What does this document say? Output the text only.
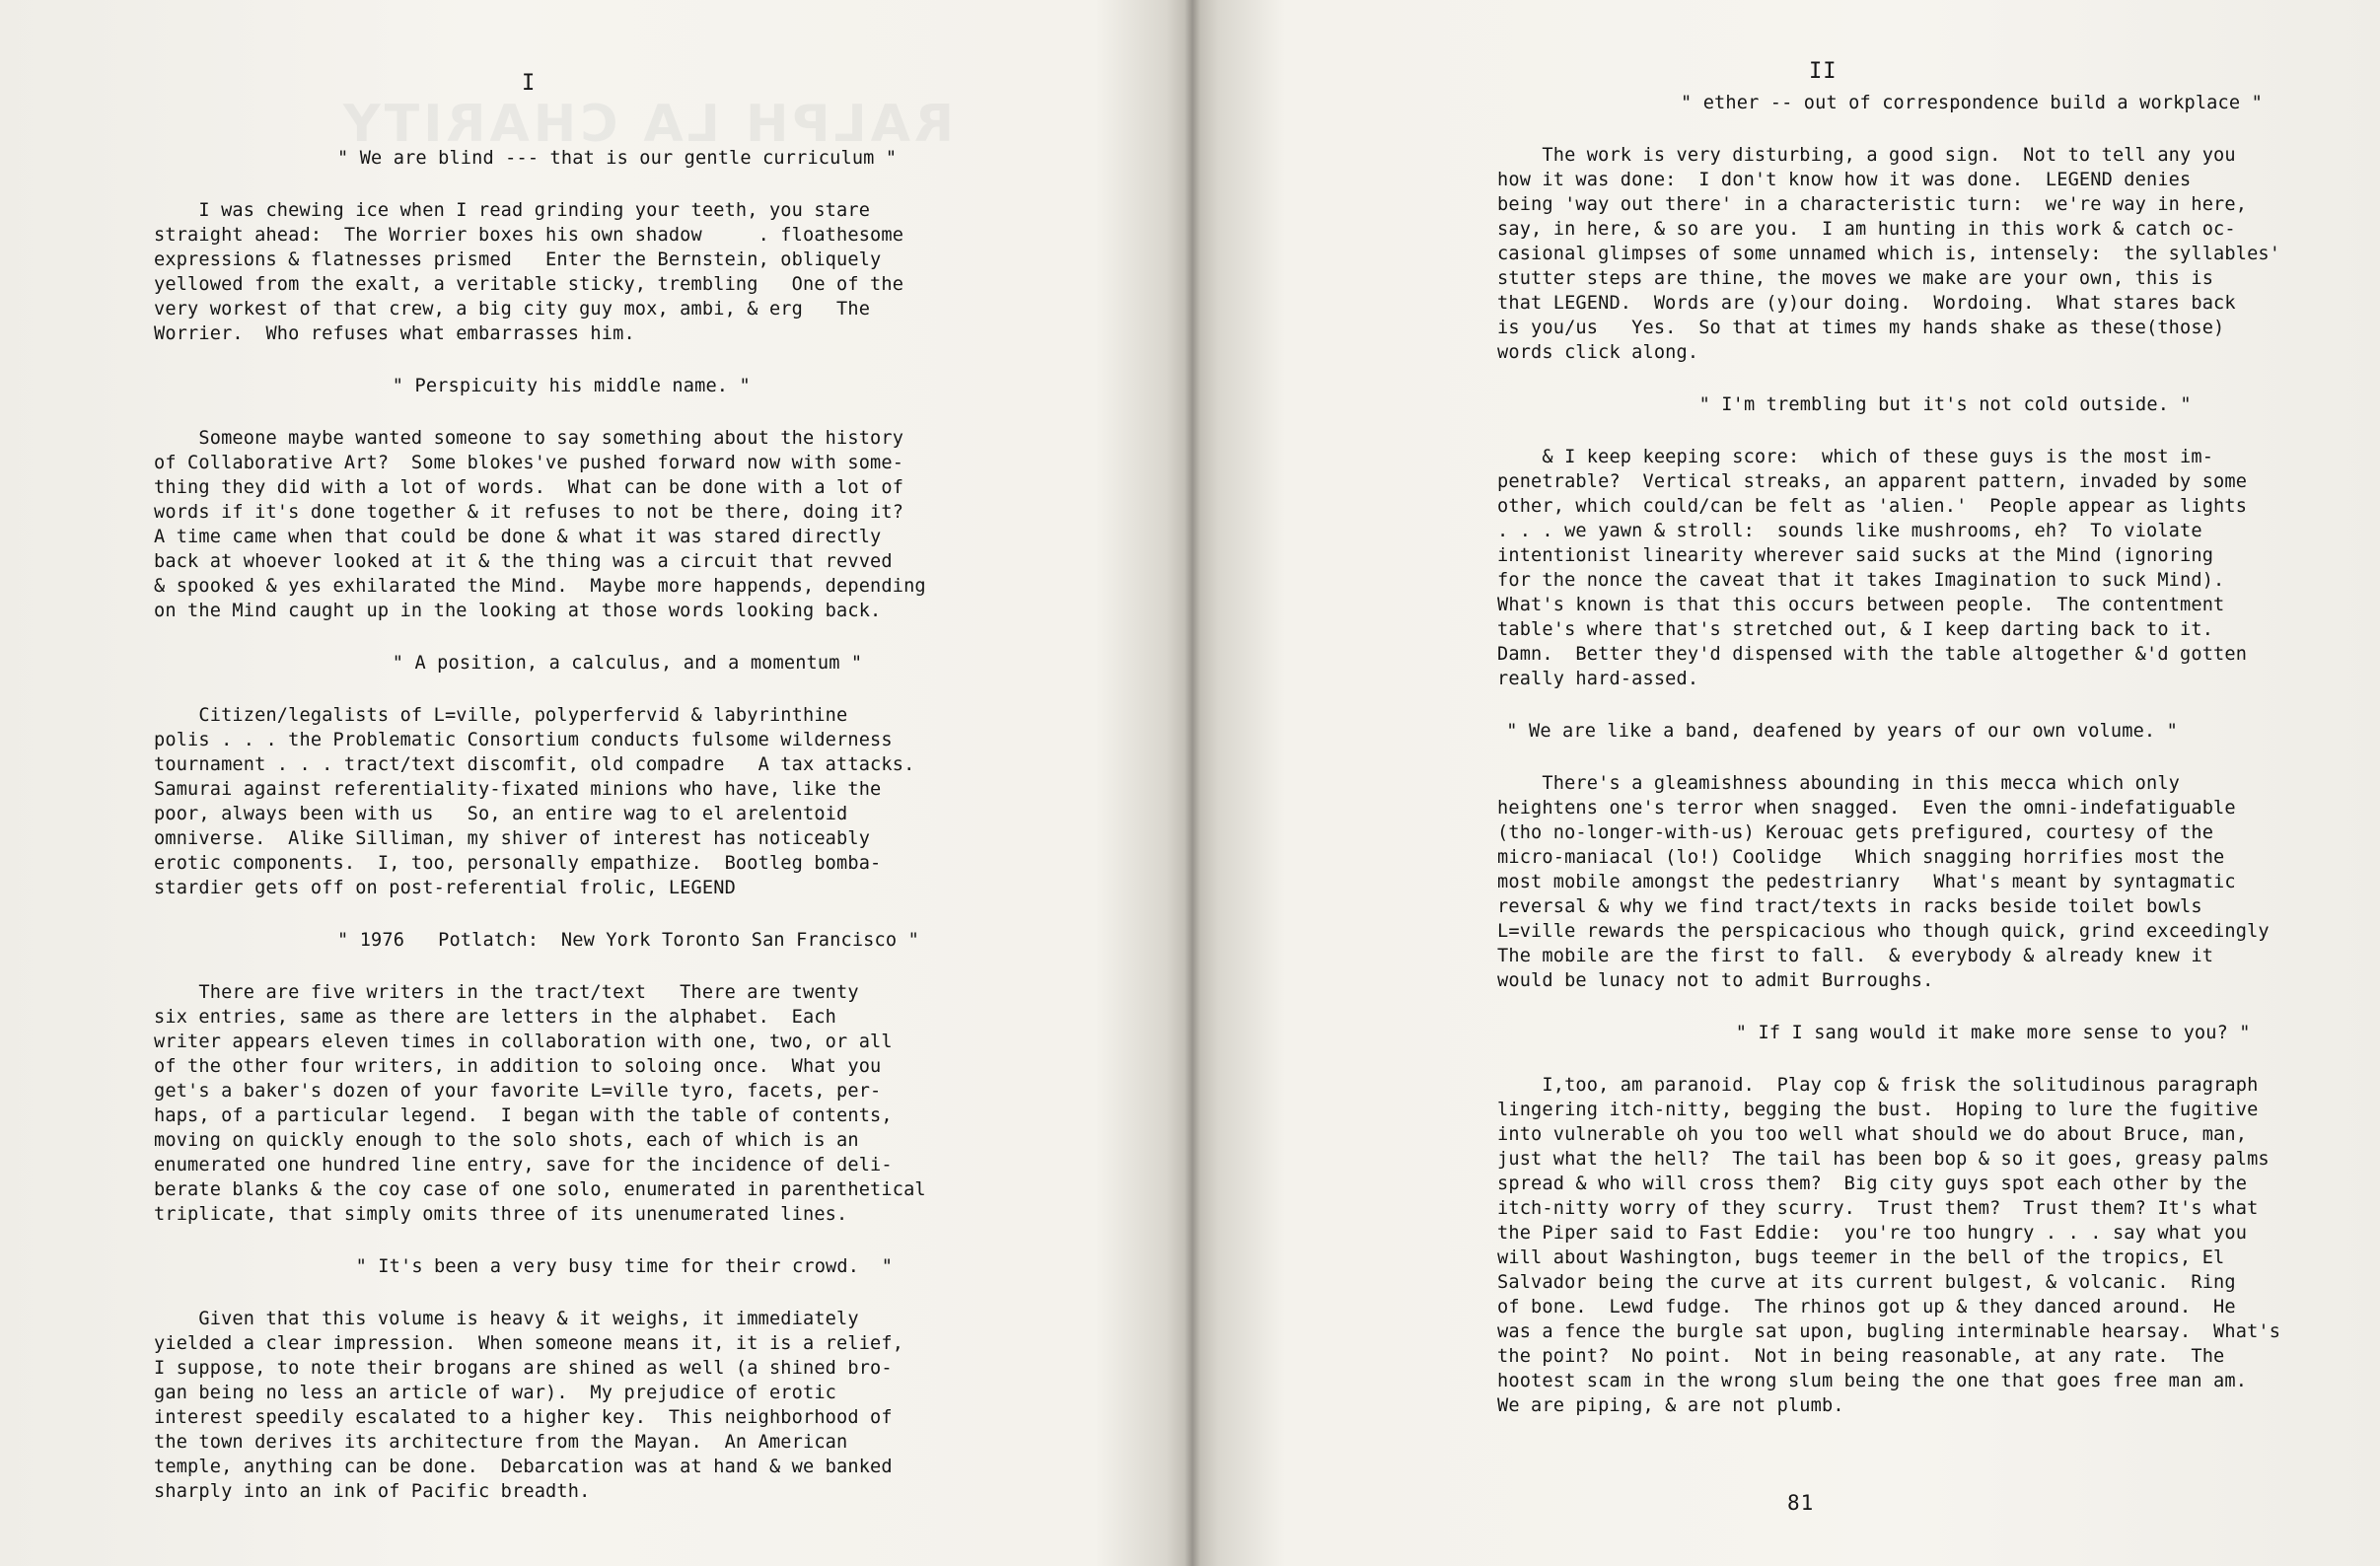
RALPH LA CHARITY
I
" We are blind --- that is our gentle curriculum "
I was chewing ice when I read grinding your teeth, you stare
straight ahead:  The Worrier boxes his own shadow     . floathesome
expressions & flatnesses prismed   Enter the Bernstein, obliquely
yellowed from the exalt, a veritable sticky, trembling   One of the
very workest of that crew, a big city guy mox, ambi, & erg   The
Worrier.  Who refuses what embarrasses him.
" Perspicuity his middle name. "
Someone maybe wanted someone to say something about the history
of Collaborative Art?  Some blokes've pushed forward now with some-
thing they did with a lot of words.  What can be done with a lot of
words if it's done together & it refuses to not be there, doing it?
A time came when that could be done & what it was stared directly
back at whoever looked at it & the thing was a circuit that revved
& spooked & yes exhilarated the Mind.  Maybe more happends, depending
on the Mind caught up in the looking at those words looking back.
" A position, a calculus, and a momentum "
Citizen/legalists of L=ville, polyperfervid & labyrinthine
polis . . . the Problematic Consortium conducts fulsome wilderness
tournament . . . tract/text discomfit, old compadre   A tax attacks.
Samurai against referentiality-fixated minions who have, like the
poor, always been with us   So, an entire wag to el arelentoid
omniverse.  Alike Silliman, my shiver of interest has noticeably
erotic components.  I, too, personally empathize.  Bootleg bomba-
stardier gets off on post-referential frolic, LEGEND
" 1976   Potlatch:  New York Toronto San Francisco "
There are five writers in the tract/text   There are twenty
six entries, same as there are letters in the alphabet.  Each
writer appears eleven times in collaboration with one, two, or all
of the other four writers, in addition to soloing once.  What you
get's a baker's dozen of your favorite L=ville tyro, facets, per-
haps, of a particular legend.  I began with the table of contents,
moving on quickly enough to the solo shots, each of which is an
enumerated one hundred line entry, save for the incidence of deli-
berate blanks & the coy case of one solo, enumerated in parenthetical
triplicate, that simply omits three of its unenumerated lines.
" It's been a very busy time for their crowd.  "
Given that this volume is heavy & it weighs, it immediately
yielded a clear impression.  When someone means it, it is a relief,
I suppose, to note their brogans are shined as well (a shined bro-
gan being no less an article of war).  My prejudice of erotic
interest speedily escalated to a higher key.  This neighborhood of
the town derives its architecture from the Mayan.  An American
temple, anything can be done.  Debarcation was at hand & we banked
sharply into an ink of Pacific breadth.
II
" ether -- out of correspondence build a workplace "
The work is very disturbing, a good sign.  Not to tell any you
how it was done:  I don't know how it was done.  LEGEND denies
being 'way out there' in a characteristic turn:  we're way in here,
say, in here, & so are you.  I am hunting in this work & catch oc-
casional glimpses of some unnamed which is, intensely:  the syllables'
stutter steps are thine, the moves we make are your own, this is
that LEGEND.  Words are (y)our doing.  Wordoing.  What stares back
is you/us   Yes.  So that at times my hands shake as these(those)
words click along.
" I'm trembling but it's not cold outside. "
& I keep keeping score:  which of these guys is the most im-
penetrable?  Vertical streaks, an apparent pattern, invaded by some
other, which could/can be felt as 'alien.'  People appear as lights
. . . we yawn & stroll:  sounds like mushrooms, eh?  To violate
intentionist linearity wherever said sucks at the Mind (ignoring
for the nonce the caveat that it takes Imagination to suck Mind).
What's known is that this occurs between people.  The contentment
table's where that's stretched out, & I keep darting back to it.
Damn.  Better they'd dispensed with the table altogether &'d gotten
really hard-assed.
" We are like a band, deafened by years of our own volume. "
There's a gleamishness abounding in this mecca which only
heightens one's terror when snagged.  Even the omni-indefatiguable
(tho no-longer-with-us) Kerouac gets prefigured, courtesy of the
micro-maniacal (lo!) Coolidge   Which snagging horrifies most the
most mobile amongst the pedestrianry   What's meant by syntagmatic
reversal & why we find tract/texts in racks beside toilet bowls
L=ville rewards the perspicacious who though quick, grind exceedingly
The mobile are the first to fall.  & everybody & already knew it
would be lunacy not to admit Burroughs.
" If I sang would it make more sense to you? "
I,too, am paranoid.  Play cop & frisk the solitudinous paragraph
lingering itch-nitty, begging the bust.  Hoping to lure the fugitive
into vulnerable oh you too well what should we do about Bruce, man,
just what the hell?  The tail has been bop & so it goes, greasy palms
spread & who will cross them?  Big city guys spot each other by the
itch-nitty worry of they scurry.  Trust them?  Trust them? It's what
the Piper said to Fast Eddie:  you're too hungry . . . say what you
will about Washington, bugs teemer in the bell of the tropics, El
Salvador being the curve at its current bulgest, & volcanic.  Ring
of bone.  Lewd fudge.  The rhinos got up & they danced around.  He
was a fence the burgle sat upon, bugling interminable hearsay.  What's
the point?  No point.  Not in being reasonable, at any rate.  The
hootest scam in the wrong slum being the one that goes free man am.
We are piping, & are not plumb.
81
